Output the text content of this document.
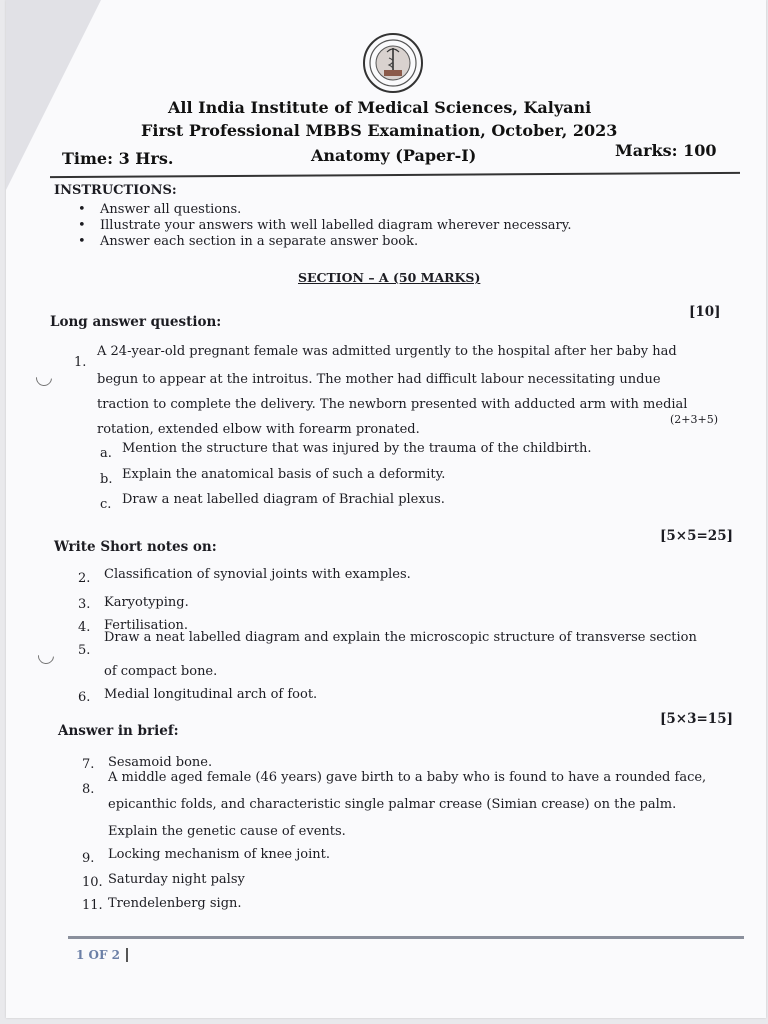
All India Institute of Medical Sciences, Kalyani
First Professional MBBS Examination, October, 2023
Time: 3 Hrs.	Anatomy (Paper-I)	Marks: 100
INSTRUCTIONS:
• Answer all questions.
• Illustrate your answers with well labelled diagram wherever necessary.
• Answer each section in a separate answer book.
SECTION – A (50 MARKS)
Long answer question:
[10]
1.
A 24-year-old pregnant female was admitted urgently to the hospital after her baby had
begun to appear at the introitus. The mother had difficult labour necessitating undue
traction to complete the delivery. The newborn presented with adducted arm with medial
rotation, extended elbow with forearm pronated.
(2+3+5)
a. Mention the structure that was injured by the trauma of the childbirth.
b. Explain the anatomical basis of such a deformity.
c. Draw a neat labelled diagram of Brachial plexus.
Write Short notes on:
[5×5=25]
2. Classification of synovial joints with examples.
3. Karyotyping.
4. Fertilisation.
5.
Draw a neat labelled diagram and explain the microscopic structure of transverse section
of compact bone.
6. Medial longitudinal arch of foot.
Answer in brief:
[5×3=15]
7. Sesamoid bone.
8.
A middle aged female (46 years) gave birth to a baby who is found to have a rounded face,
epicanthic folds, and characteristic single palmar crease (Simian crease) on the palm.
Explain the genetic cause of events.
9. Locking mechanism of knee joint.
10. Saturday night palsy
11. Trendelenberg sign.
1 OF 2
